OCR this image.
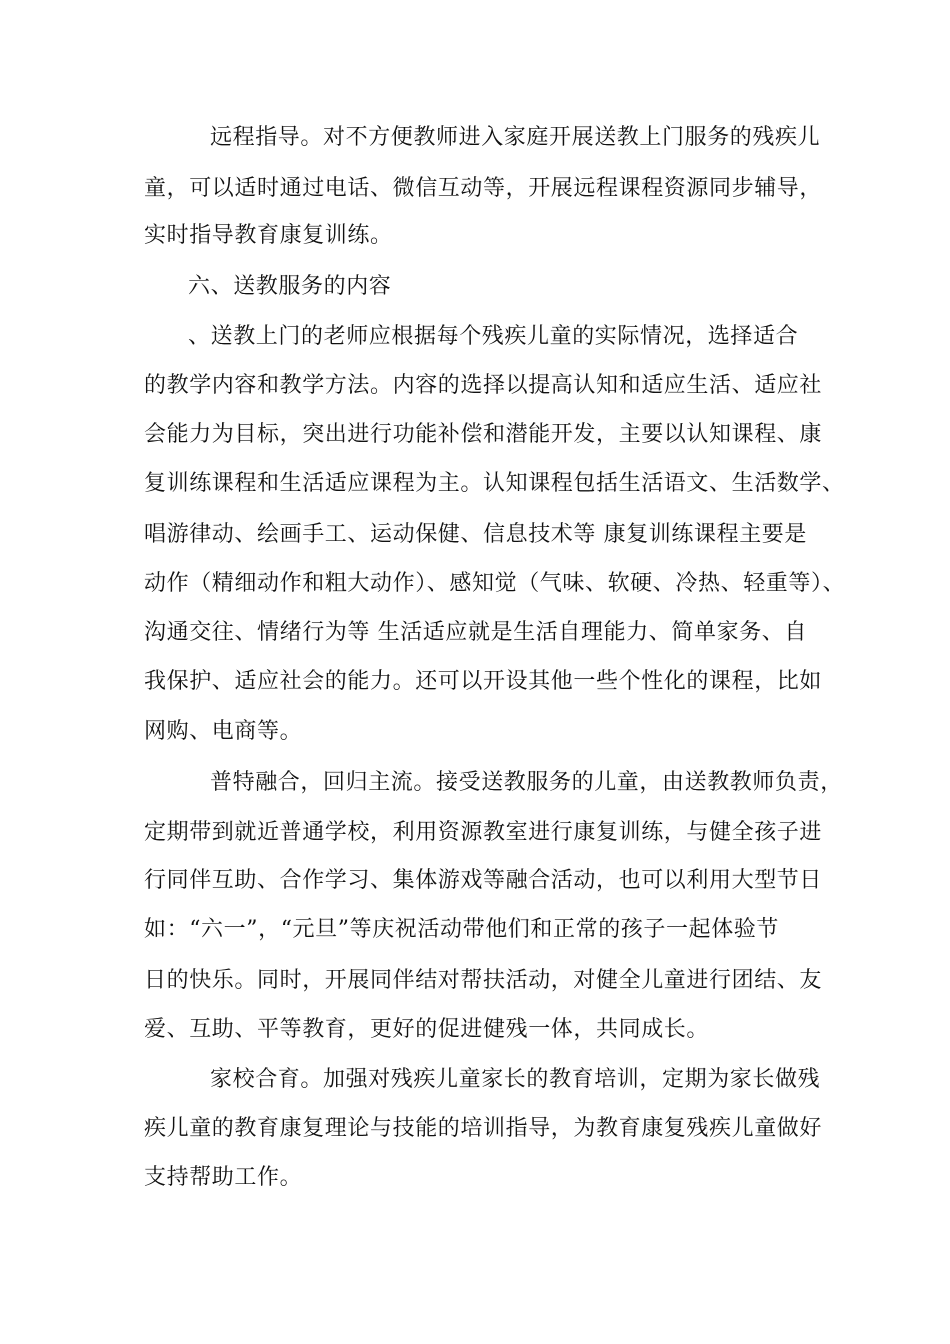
远程指导。对不方便教师进入家庭开展送教上门服务的残疾儿
童，可以适时通过电话、微信互动等，开展远程课程资源同步辅导，
实时指导教育康复训练。
六、送教服务的内容
、送教上门的老师应根据每个残疾儿童的实际情况，选择适合
的教学内容和教学方法。内容的选择以提高认知和适应生活、适应社
会能力为目标，突出进行功能补偿和潜能开发，主要以认知课程、康
复训练课程和生活适应课程为主。认知课程包括生活语文、生活数学、
唱游律动、绘画手工、运动保健、信息技术等 康复训练课程主要是
动作（精细动作和粗大动作）、感知觉（气味、软硬、冷热、轻重等）、
沟通交往、情绪行为等 生活适应就是生活自理能力、简单家务、自
我保护、适应社会的能力。还可以开设其他一些个性化的课程，比如
网购、电商等。
普特融合，回归主流。接受送教服务的儿童，由送教教师负责，
定期带到就近普通学校，利用资源教室进行康复训练，与健全孩子进
行同伴互助、合作学习、集体游戏等融合活动，也可以利用大型节日
如：“六一”，“元旦”等庆祝活动带他们和正常的孩子一起体验节
日的快乐。同时，开展同伴结对帮扶活动，对健全儿童进行团结、友
爱、互助、平等教育，更好的促进健残一体，共同成长。
家校合育。加强对残疾儿童家长的教育培训，定期为家长做残
疾儿童的教育康复理论与技能的培训指导，为教育康复残疾儿童做好
支持帮助工作。
